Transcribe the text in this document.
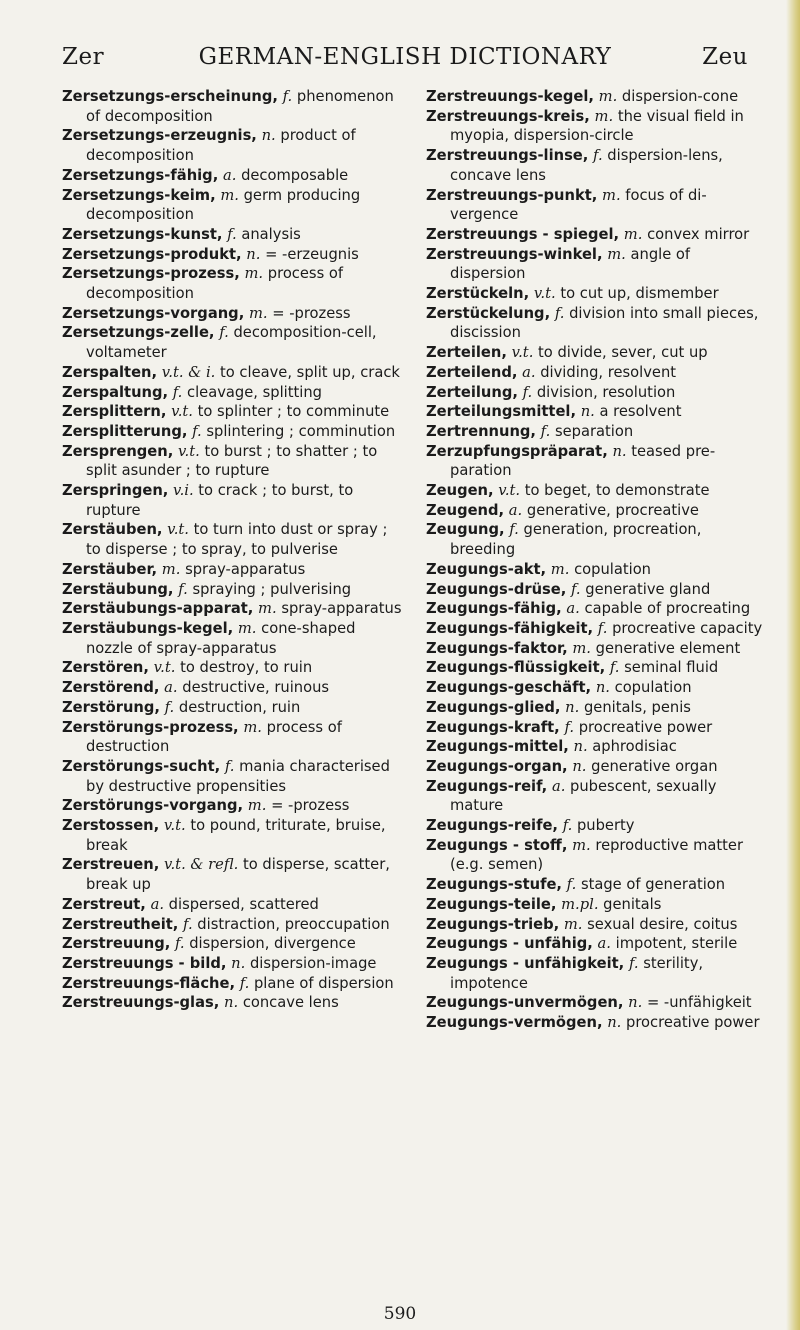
Zer	GERMAN-ENGLISH DICTIONARY	Zeu

Zersetzungs-erscheinung, f. phenomenon of decomposition

Zersetzungs-erzeugnis, n. product of decomposition

Zersetzungs-fähig, a. decomposable

Zersetzungs-keim, m. germ producing decomposition

Zersetzungs-kunst, f. analysis

Zersetzungs-produkt, n. = -erzeugnis

Zersetzungs-prozess, m. process of decomposition

Zersetzungs-vorgang, m. = -prozess

Zersetzungs-zelle, f. decomposition-cell, voltameter

Zerspalten, v.t. & i. to cleave, split up, crack

Zerspaltung, f. cleavage, splitting

Zersplittern, v.t. to splinter ; to comminute

Zersplitterung, f. splintering ; comminution

Zersprengen, v.t. to burst ; to shatter ; to split asunder ; to rupture

Zerspringen, v.i. to crack ; to burst, to rupture

Zerstäuben, v.t. to turn into dust or spray ; to disperse ; to spray, to pulverise

Zerstäuber, m. spray-apparatus

Zerstäubung, f. spraying ; pulverising

Zerstäubungs-apparat, m. spray-apparatus

Zerstäubungs-kegel, m. cone-shaped nozzle of spray-apparatus

Zerstören, v.t. to destroy, to ruin

Zerstörend, a. destructive, ruinous

Zerstörung, f. destruction, ruin

Zerstörungs-prozess, m. process of destruction

Zerstörungs-sucht, f. mania characterised by destructive propensities

Zerstörungs-vorgang, m. = -prozess

Zerstossen, v.t. to pound, triturate, bruise, break

Zerstreuen, v.t. & refl. to disperse, scatter, break up

Zerstreut, a. dispersed, scattered

Zerstreutheit, f. distraction, preoccupation

Zerstreuung, f. dispersion, divergence

Zerstreuungs - bild, n. dispersion-image

Zerstreuungs-fläche, f. plane of dispersion

Zerstreuungs-glas, n. concave lens

Zerstreuungs-kegel, m. dispersion-cone

Zerstreuungs-kreis, m. the visual field in myopia, dispersion-circle

Zerstreuungs-linse, f. dispersion-lens, concave lens

Zerstreuungs-punkt, m. focus of divergence

Zerstreuungs - spiegel, m. convex mirror

Zerstreuungs-winkel, m. angle of dispersion

Zerstückeln, v.t. to cut up, dismember

Zerstückelung, f. division into small pieces, discission

Zerteilen, v.t. to divide, sever, cut up

Zerteilend, a. dividing, resolvent

Zerteilung, f. division, resolution

Zerteilungsmittel, n. a resolvent

Zertrennung, f. separation

Zerzupfungspräparat, n. teased preparation

Zeugen, v.t. to beget, to demonstrate

Zeugend, a. generative, procreative

Zeugung, f. generation, procreation, breeding

Zeugungs-akt, m. copulation

Zeugungs-drüse, f. generative gland

Zeugungs-fähig, a. capable of procreating

Zeugungs-fähigkeit, f. procreative capacity

Zeugungs-faktor, m. generative element

Zeugungs-flüssigkeit, f. seminal fluid

Zeugungs-geschäft, n. copulation

Zeugungs-glied, n. genitals, penis

Zeugungs-kraft, f. procreative power

Zeugungs-mittel, n. aphrodisiac

Zeugungs-organ, n. generative organ

Zeugungs-reif, a. pubescent, sexually mature

Zeugungs-reife, f. puberty

Zeugungs - stoff, m. reproductive matter (e.g. semen)

Zeugungs-stufe, f. stage of generation

Zeugungs-teile, m.pl. genitals

Zeugungs-trieb, m. sexual desire, coitus

Zeugungs - unfähig, a. impotent, sterile

Zeugungs - unfähigkeit, f. sterility, impotence

Zeugungs-unvermögen, n. = -unfähigkeit

Zeugungs-vermögen, n. procreative power

590
